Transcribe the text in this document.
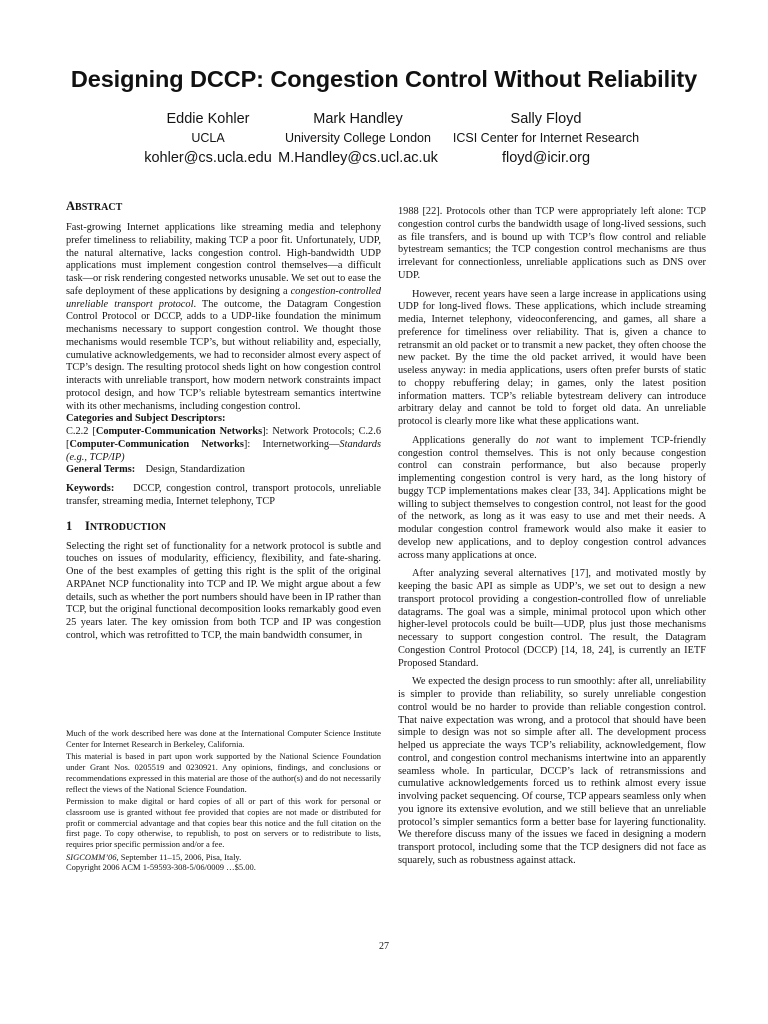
Designing DCCP: Congestion Control Without Reliability
Eddie Kohler
UCLA
kohler@cs.ucla.edu
Mark Handley
University College London
M.Handley@cs.ucl.ac.uk
Sally Floyd
ICSI Center for Internet Research
floyd@icir.org
ABSTRACT

Fast-growing Internet applications like streaming media and telephony prefer timeliness to reliability, making TCP a poor fit. Unfortunately, UDP, the natural alternative, lacks congestion control. High-bandwidth UDP applications must implement congestion control themselves—a difficult task—or risk rendering congested networks unusable. We set out to ease the safe deployment of these applications by designing a congestion-controlled unreliable transport protocol. The outcome, the Datagram Congestion Control Protocol or DCCP, adds to a UDP-like foundation the minimum mechanisms necessary to support congestion control. We thought those mechanisms would resemble TCP’s, but without reliability and, especially, cumulative acknowledgements, we had to reconsider almost every aspect of TCP’s design. The resulting protocol sheds light on how congestion control interacts with unreliable transport, how modern network constraints impact protocol design, and how TCP’s reliable bytestream semantics intertwine with its other mechanisms, including congestion control.

Categories and Subject Descriptors:

C.2.2 [Computer-Communication Networks]: Network Protocols; C.2.6 [Computer-Communication Networks]: Internetworking—Standards (e.g., TCP/IP)

General Terms: Design, Standardization

Keywords: DCCP, congestion control, transport protocols, unreliable transfer, streaming media, Internet telephony, TCP

1 INTRODUCTION

Selecting the right set of functionality for a network protocol is subtle and touches on issues of modularity, efficiency, flexibility, and fate-sharing. One of the best examples of getting this right is the split of the original ARPAnet NCP functionality into TCP and IP. We might argue about a few details, such as whether the port numbers should have been in IP rather than TCP, but the original functional decomposition looks remarkably good even 25 years later. The key omission from both TCP and IP was congestion control, which was retrofitted to TCP, the main bandwidth consumer, in

Much of the work described here was done at the International Computer Science Institute Center for Internet Research in Berkeley, California.

This material is based in part upon work supported by the National Science Foundation under Grant Nos. 0205519 and 0230921. Any opinions, findings, and conclusions or recommendations expressed in this material are those of the author(s) and do not necessarily reflect the views of the National Science Foundation.

Permission to make digital or hard copies of all or part of this work for personal or classroom use is granted without fee provided that copies are not made or distributed for profit or commercial advantage and that copies bear this notice and the full citation on the first page. To copy otherwise, to republish, to post on servers or to redistribute to lists, requires prior specific permission and/or a fee.

SIGCOMM’06, September 11–15, 2006, Pisa, Italy.

Copyright 2006 ACM 1-59593-308-5/06/0009 …$5.00.

1988 [22]. Protocols other than TCP were appropriately left alone: TCP congestion control curbs the bandwidth usage of long-lived sessions, such as file transfers, and is bound up with TCP’s flow control and reliable bytestream semantics; the TCP congestion control mechanisms are thus irrelevant for connectionless, unreliable applications such as DNS over UDP.

However, recent years have seen a large increase in applications using UDP for long-lived flows. These applications, which include streaming media, Internet telephony, videoconferencing, and games, all share a preference for timeliness over reliability. That is, given a chance to retransmit an old packet or to transmit a new packet, they often choose the new packet. By the time the old packet arrived, it would have been useless anyway: in media applications, users often prefer bursts of static to choppy rebuffering delay; in games, only the latest position information matters. TCP’s reliable bytestream delivery can introduce arbitrary delay and cannot be told to forget old data. An unreliable protocol is clearly more like what these applications want.

Applications generally do not want to implement TCP-friendly congestion control themselves. This is not only because congestion control can constrain performance, but also because properly implementing congestion control is very hard, as the long history of buggy TCP implementations makes clear [33, 34]. Applications might be willing to subject themselves to congestion control, not least for the good of the network, as long as it was easy to use and met their needs. A modular congestion control framework would also make it easier to develop new applications, and to deploy congestion control advances across many applications at once.

After analyzing several alternatives [17], and motivated mostly by keeping the basic API as simple as UDP’s, we set out to design a new transport protocol providing a congestion-controlled flow of unreliable datagrams. The goal was a simple, minimal protocol upon which other higher-level protocols could be built—UDP, plus just those mechanisms necessary to support congestion control. The result, the Datagram Congestion Control Protocol (DCCP) [14, 18, 24], is currently an IETF Proposed Standard.

We expected the design process to run smoothly: after all, unreliability is simpler to provide than reliability, so surely unreliable congestion control would be no harder to provide than reliable congestion control. That naive expectation was wrong, and a protocol that should have been simple to design was not so simple after all. The development process helped us appreciate the ways TCP’s reliability, acknowledgement, flow control, and congestion control mechanisms intertwine into an apparently seamless whole. In particular, DCCP’s lack of retransmissions and cumulative acknowledgements forced us to rethink almost every issue involving packet sequencing. Of course, TCP appears seamless only when you ignore its extensive evolution, and we still believe that an unreliable protocol’s simpler semantics form a better base for layering functionality. We therefore discuss many of the issues we faced in designing a modern transport protocol, including some that the TCP designers did not face as squarely, such as robustness against attack.

27
